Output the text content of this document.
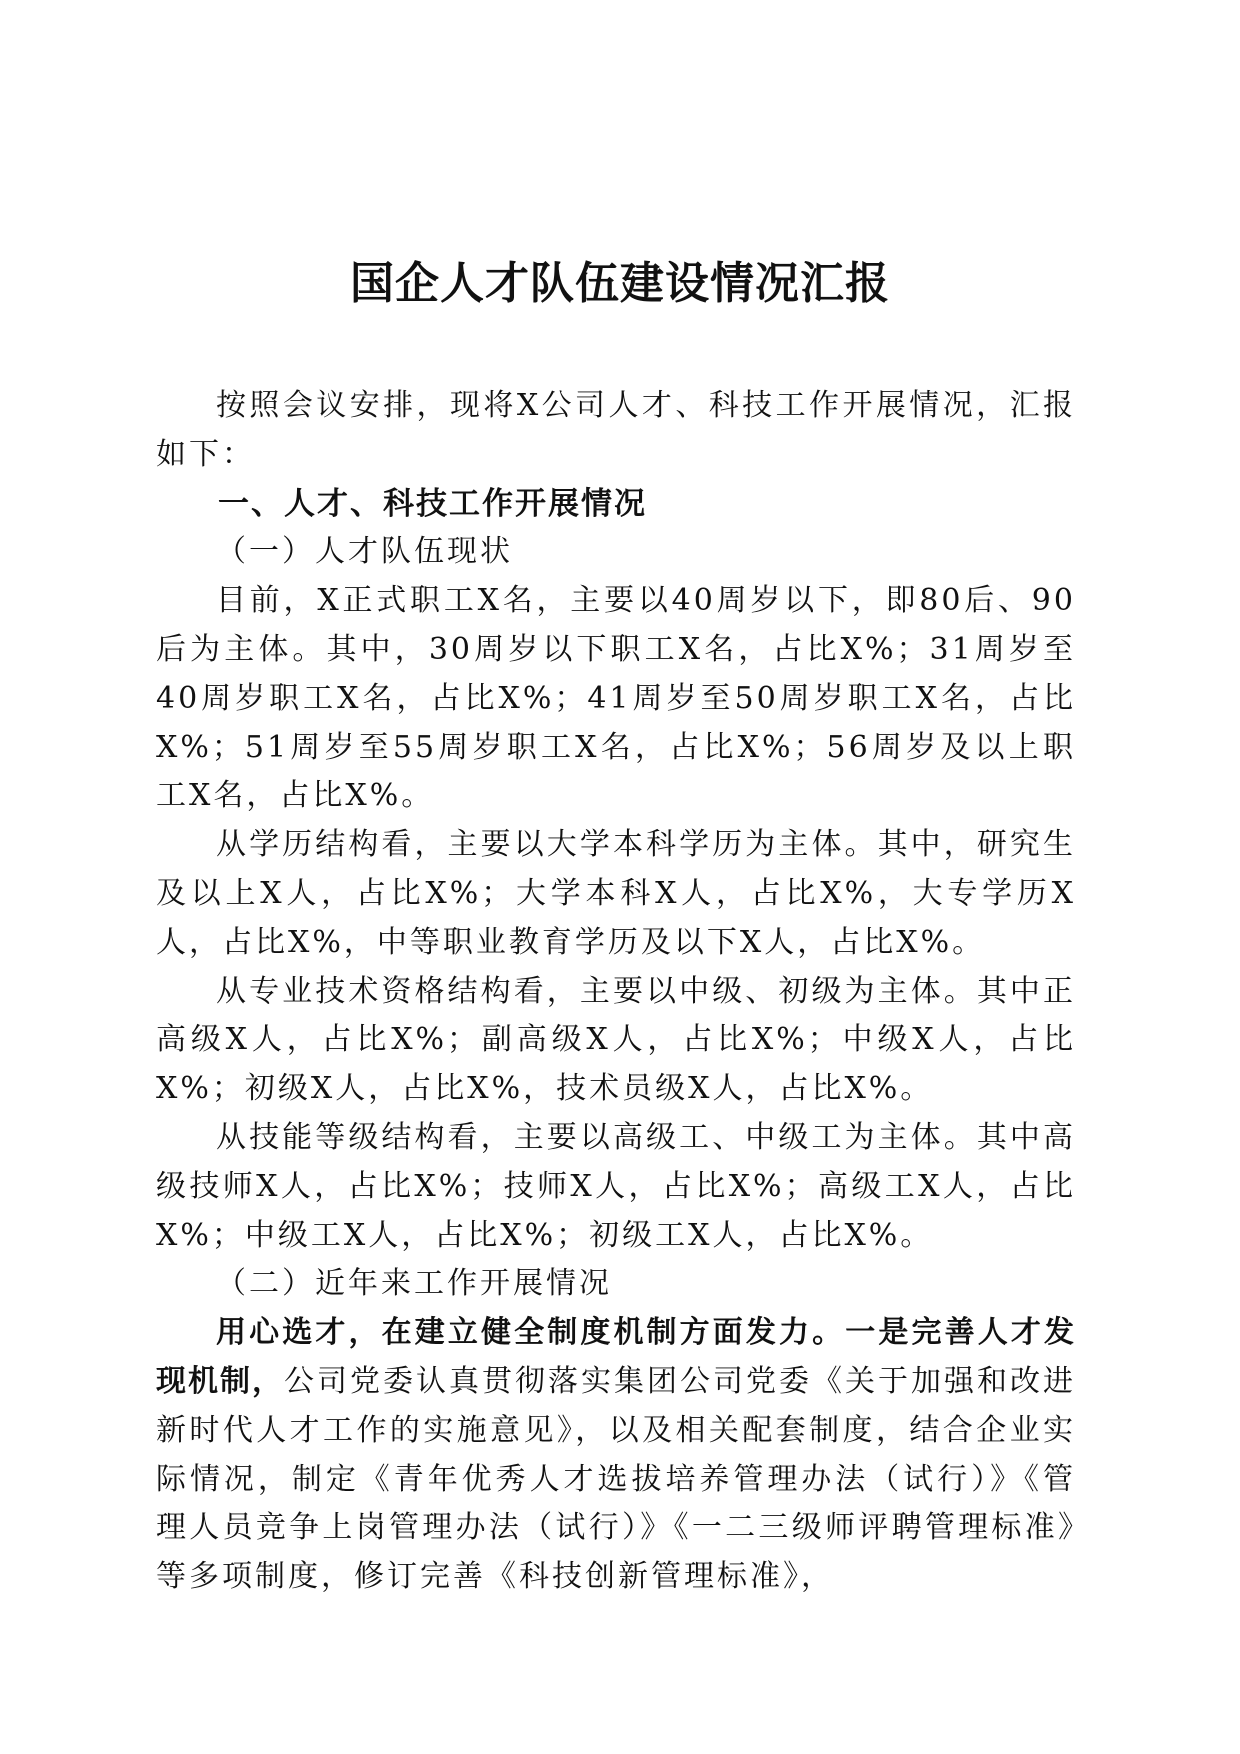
国企人才队伍建设情况汇报

按照会议安排，现将X公司人才、科技工作开展情况，汇报如下：

一、人才、科技工作开展情况
（一）人才队伍现状

目前，X正式职工X名，主要以40周岁以下，即80后、90后为主体。其中，30周岁以下职工X名，占比X%；31周岁至40周岁职工X名，占比X%；41周岁至50周岁职工X名，占比X%；51周岁至55周岁职工X名，占比X%；56周岁及以上职工X名，占比X%。

从学历结构看，主要以大学本科学历为主体。其中，研究生及以上X人，占比X%；大学本科X人，占比X%，大专学历X人，占比X%，中等职业教育学历及以下X人，占比X%。

从专业技术资格结构看，主要以中级、初级为主体。其中正高级X人，占比X%；副高级X人，占比X%；中级X人，占比X%；初级X人，占比X%，技术员级X人，占比X%。

从技能等级结构看，主要以高级工、中级工为主体。其中高级技师X人，占比X%；技师X人，占比X%；高级工X人，占比X%；中级工X人，占比X%；初级工X人，占比X%。

（二）近年来工作开展情况

用心选才，在建立健全制度机制方面发力。一是完善人才发现机制，公司党委认真贯彻落实集团公司党委《关于加强和改进新时代人才工作的实施意见》，以及相关配套制度，结合企业实际情况，制定《青年优秀人才选拔培养管理办法（试行）》《管理人员竞争上岗管理办法（试行）》《一二三级师评聘管理标准》等多项制度，修订完善《科技创新管理标准》，
